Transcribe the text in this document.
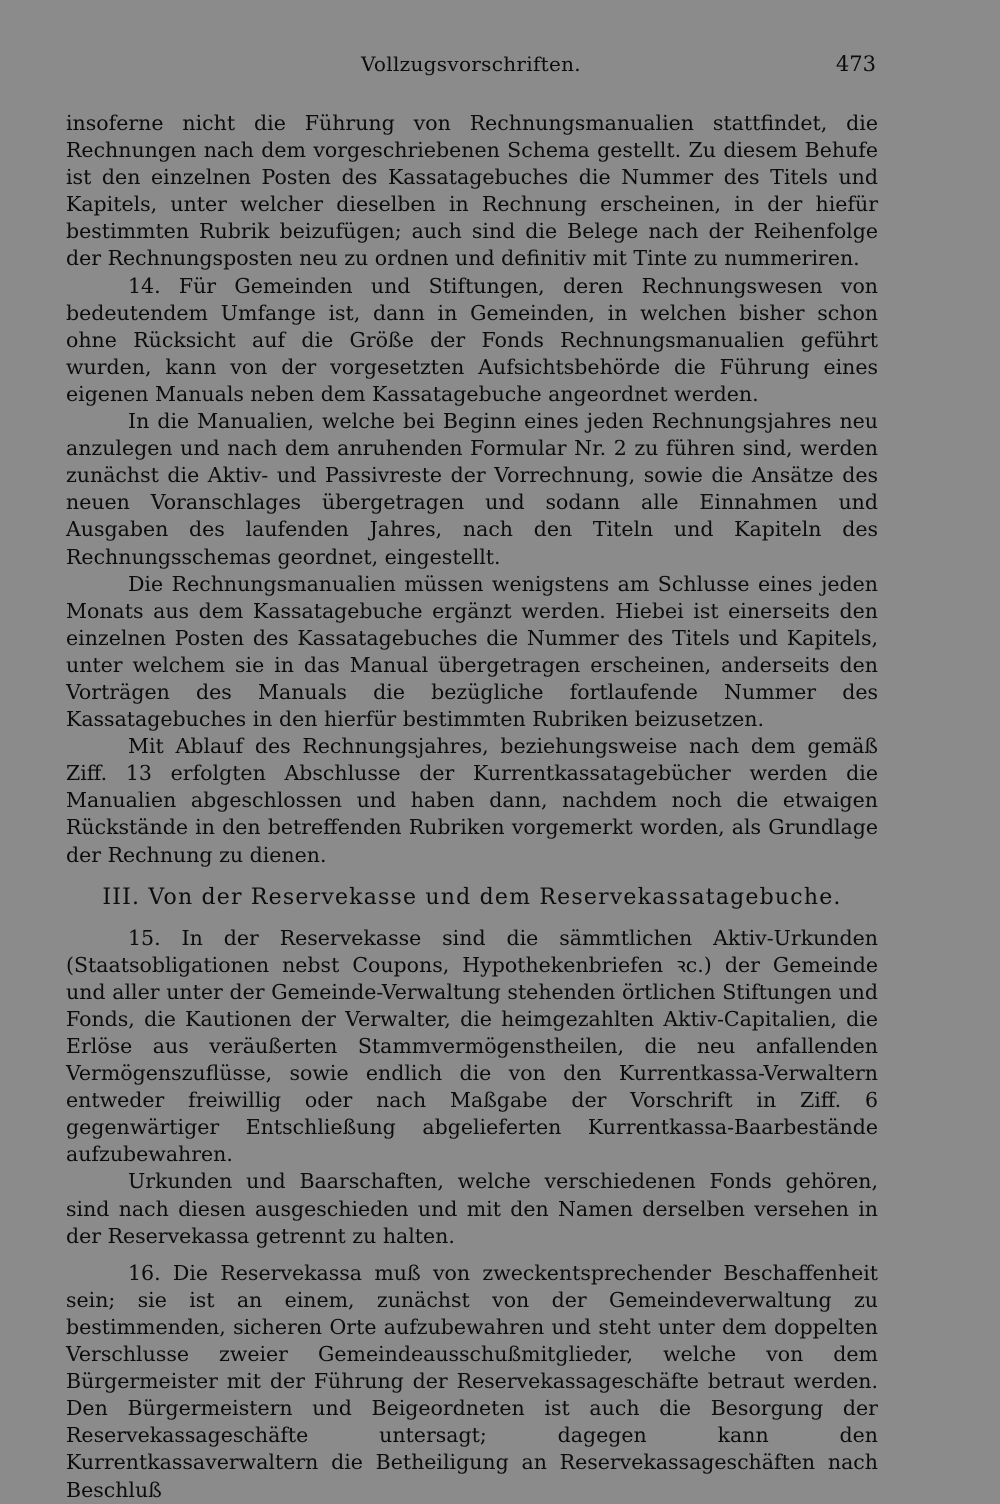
Vollzugsvorschriften.	473

insoferne nicht die Führung von Rechnungsmanualien stattfindet, die Rechnungen nach dem vorgeschriebenen Schema gestellt. Zu diesem Behufe ist den einzelnen Posten des Kassatagebuches die Nummer des Titels und Kapitels, unter welcher dieselben in Rechnung erscheinen, in der hiefür bestimmten Rubrik beizufügen; auch sind die Belege nach der Reihenfolge der Rechnungsposten neu zu ordnen und definitiv mit Tinte zu nummeriren.

14. Für Gemeinden und Stiftungen, deren Rechnungswesen von bedeutendem Umfange ist, dann in Gemeinden, in welchen bisher schon ohne Rücksicht auf die Größe der Fonds Rechnungsmanualien geführt wurden, kann von der vorgesetzten Aufsichtsbehörde die Führung eines eigenen Manuals neben dem Kassatagebuche angeordnet werden.

In die Manualien, welche bei Beginn eines jeden Rechnungsjahres neu anzulegen und nach dem anruhenden Formular Nr. 2 zu führen sind, werden zunächst die Aktiv- und Passivreste der Vorrechnung, sowie die Ansätze des neuen Voranschlages übergetragen und sodann alle Einnahmen und Ausgaben des laufenden Jahres, nach den Titeln und Kapiteln des Rechnungsschemas geordnet, eingestellt.

Die Rechnungsmanualien müssen wenigstens am Schlusse eines jeden Monats aus dem Kassatagebuche ergänzt werden. Hiebei ist einerseits den einzelnen Posten des Kassatagebuches die Nummer des Titels und Kapitels, unter welchem sie in das Manual übergetragen erscheinen, anderseits den Vorträgen des Manuals die bezügliche fortlaufende Nummer des Kassatagebuches in den hierfür bestimmten Rubriken beizusetzen.

Mit Ablauf des Rechnungsjahres, beziehungsweise nach dem gemäß Ziff. 13 erfolgten Abschlusse der Kurrentkassatagebücher werden die Manualien abgeschlossen und haben dann, nachdem noch die etwaigen Rückstände in den betreffenden Rubriken vorgemerkt worden, als Grundlage der Rechnung zu dienen.

III. Von der Reservekasse und dem Reservekassatagebuche.

15. In der Reservekasse sind die sämmtlichen Aktiv-Urkunden (Staatsobligationen nebst Coupons, Hypothekenbriefen ꝛc.) der Gemeinde und aller unter der Gemeinde-Verwaltung stehenden örtlichen Stiftungen und Fonds, die Kautionen der Verwalter, die heimgezahlten Aktiv-Capitalien, die Erlöse aus veräußerten Stammvermögenstheilen, die neu anfallenden Vermögenszuflüsse, sowie endlich die von den Kurrentkassa-Verwaltern entweder freiwillig oder nach Maßgabe der Vorschrift in Ziff. 6 gegenwärtiger Entschließung abgelieferten Kurrentkassa-Baarbestände aufzubewahren.

Urkunden und Baarschaften, welche verschiedenen Fonds gehören, sind nach diesen ausgeschieden und mit den Namen derselben versehen in der Reservekassa getrennt zu halten.

16. Die Reservekassa muß von zweckentsprechender Beschaffenheit sein; sie ist an einem, zunächst von der Gemeindeverwaltung zu bestimmenden, sicheren Orte aufzubewahren und steht unter dem doppelten Verschlusse zweier Gemeindeausschußmitglieder, welche von dem Bürgermeister mit der Führung der Reservekassageschäfte betraut werden. Den Bürgermeistern und Beigeordneten ist auch die Besorgung der Reservekassageschäfte untersagt; dagegen kann den Kurrentkassaverwaltern die Betheiligung an Reservekassageschäften nach Beschluß
